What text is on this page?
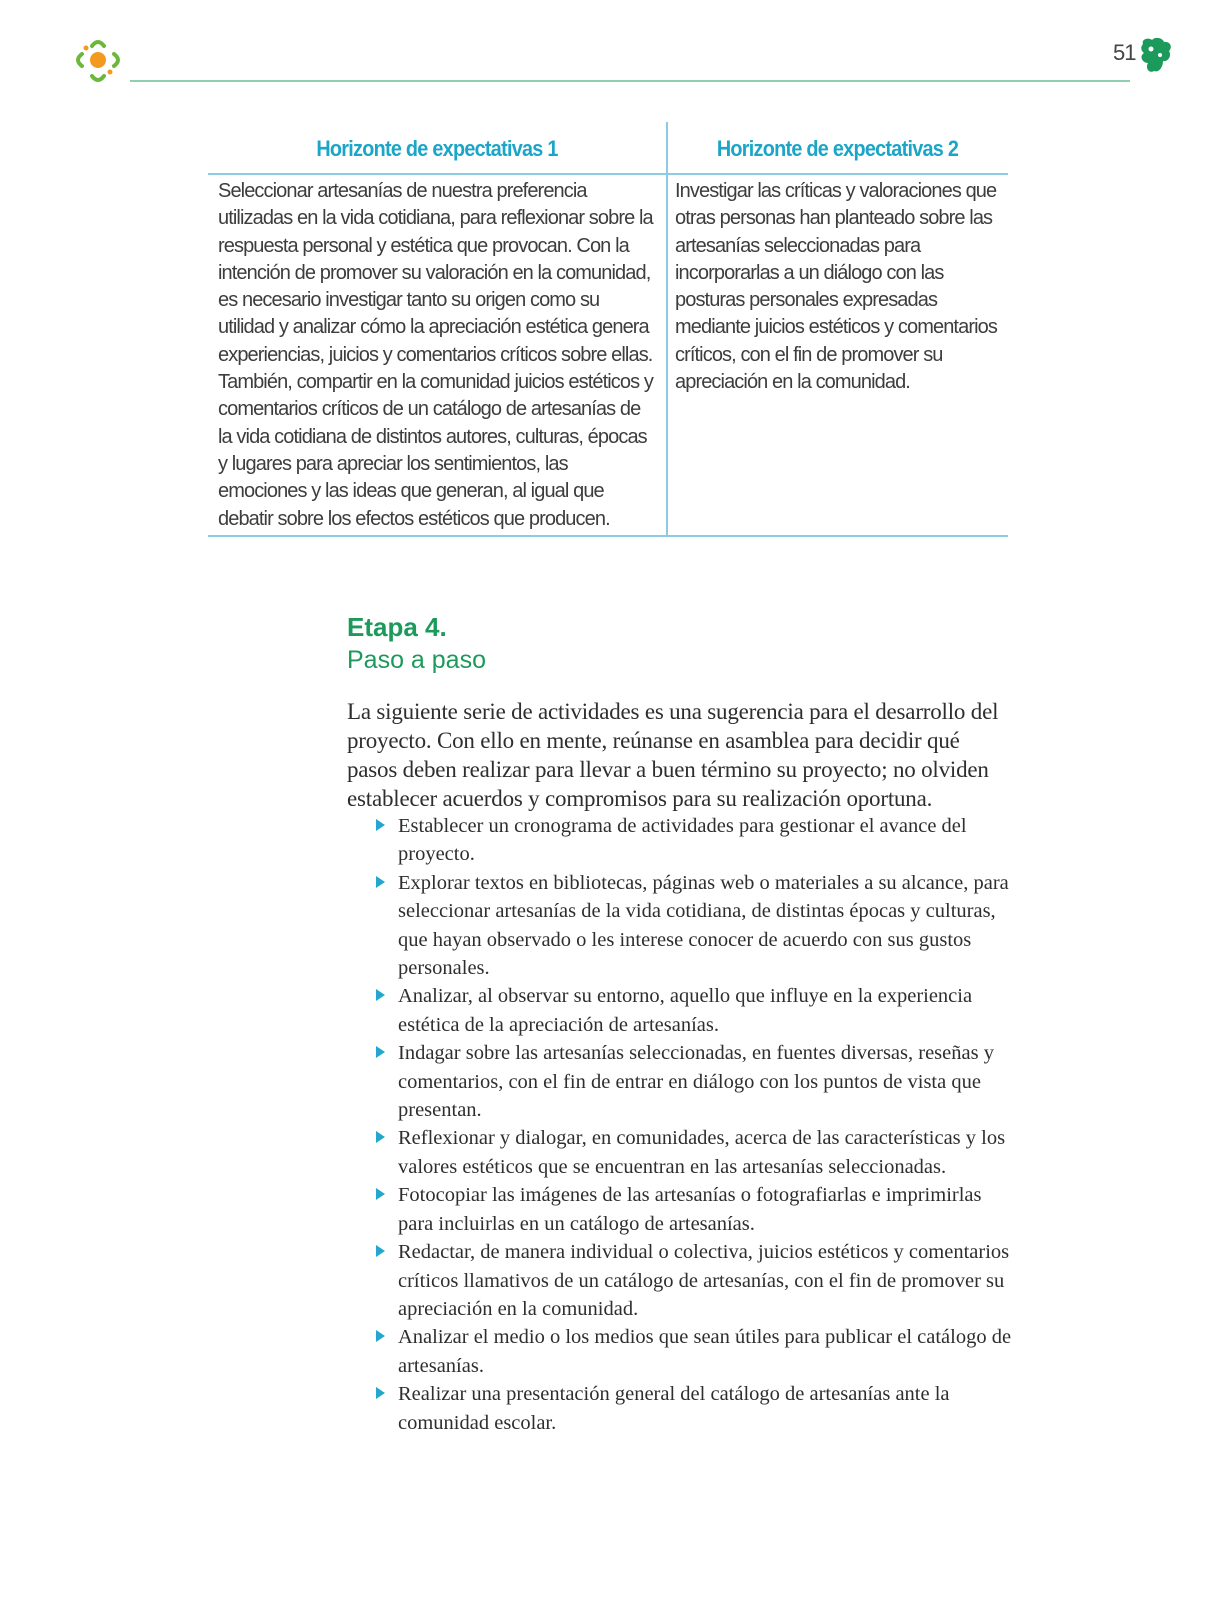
51
Horizonte de expectativas 1
Seleccionar artesanías de nuestra preferencia utilizadas en la vida cotidiana, para reflexionar sobre la respuesta personal y estética que provocan. Con la intención de promover su valoración en la comunidad, es necesario investigar tanto su origen como su utilidad y analizar cómo la apreciación estética genera experiencias, juicios y comentarios críticos sobre ellas. También, compartir en la comunidad juicios estéticos y comentarios críticos de un catálogo de artesanías de la vida cotidiana de distintos autores, culturas, épocas y lugares para apreciar los sentimientos, las emociones y las ideas que generan, al igual que debatir sobre los efectos estéticos que producen.
Horizonte de expectativas 2
Investigar las críticas y valoraciones que otras personas han planteado sobre las artesanías seleccionadas para incorporarlas a un diálogo con las posturas personales expresadas mediante juicios estéticos y comentarios críticos, con el fin de promover su apreciación en la comunidad.
Etapa 4.
Paso a paso
La siguiente serie de actividades es una sugerencia para el desarrollo del proyecto. Con ello en mente, reúnanse en asamblea para decidir qué pasos deben realizar para llevar a buen término su proyecto; no olviden establecer acuerdos y compromisos para su realización oportuna.
Establecer un cronograma de actividades para gestionar el avance del proyecto.
Explorar textos en bibliotecas, páginas web o materiales a su alcance, para seleccionar artesanías de la vida cotidiana, de distintas épocas y culturas, que hayan observado o les interese conocer de acuerdo con sus gustos personales.
Analizar, al observar su entorno, aquello que influye en la experiencia estética de la apreciación de artesanías.
Indagar sobre las artesanías seleccionadas, en fuentes diversas, reseñas y comentarios, con el fin de entrar en diálogo con los puntos de vista que presentan.
Reflexionar y dialogar, en comunidades, acerca de las características y los valores estéticos que se encuentran en las artesanías seleccionadas.
Fotocopiar las imágenes de las artesanías o fotografiarlas e imprimirlas para incluirlas en un catálogo de artesanías.
Redactar, de manera individual o colectiva, juicios estéticos y comentarios críticos llamativos de un catálogo de artesanías, con el fin de promover su apreciación en la comunidad.
Analizar el medio o los medios que sean útiles para publicar el catálogo de artesanías.
Realizar una presentación general del catálogo de artesanías ante la comunidad escolar.
